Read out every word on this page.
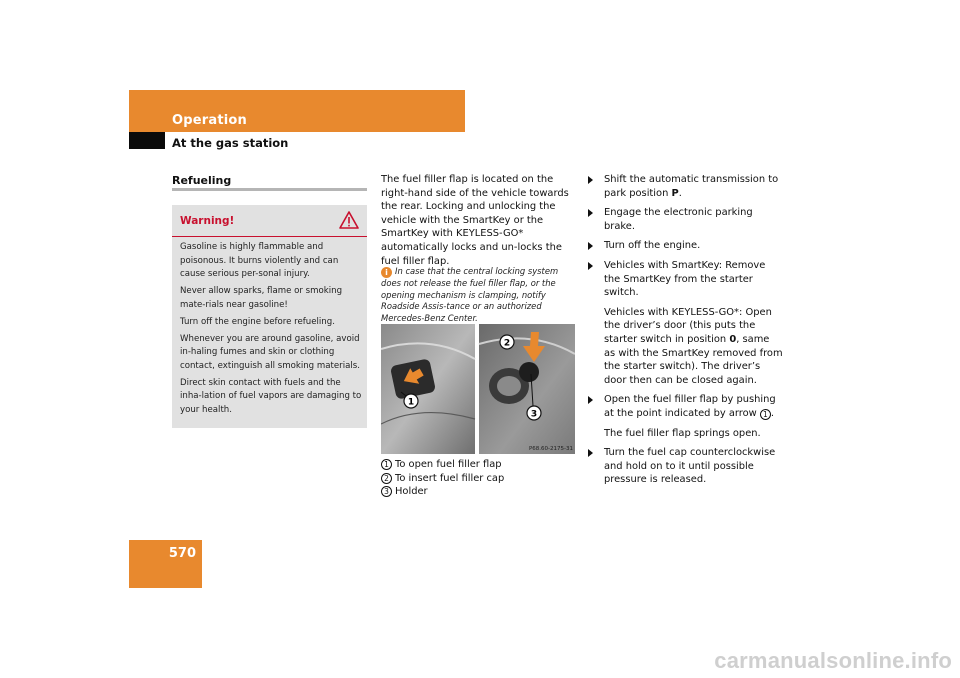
Operation
At the gas station
570
Refueling
Warning!

Gasoline is highly flammable and poisonous. It burns violently and can cause serious per-sonal injury.

Never allow sparks, flame or smoking mate-rials near gasoline!

Turn off the engine before refueling.

Whenever you are around gasoline, avoid in-haling fumes and skin or clothing contact, extinguish all smoking materials.

Direct skin contact with fuels and the inha-lation of fuel vapors are damaging to your health.

The fuel filler flap is located on the right-hand side of the vehicle towards the rear. Locking and unlocking the vehicle with the SmartKey or the SmartKey with KEYLESS-GO* automatically locks and un-locks the fuel filler flap.
i In case that the central locking system does not release the fuel filler flap, or the opening mechanism is clamping, notify Roadside Assis-tance or an authorized Mercedes-Benz Center.
1
2
3
P68.60-2175-31
1 To open fuel filler flap
2 To insert fuel filler cap
3 Holder
Shift the automatic transmission to park position P.
Engage the electronic parking brake.
Turn off the engine.
Vehicles with SmartKey: Remove the SmartKey from the starter switch.
Vehicles with KEYLESS-GO*: Open the driver’s door (this puts the starter switch in position 0, same as with the SmartKey removed from the starter switch). The driver’s door then can be closed again.
Open the fuel filler flap by pushing at the point indicated by arrow 1 .
The fuel filler flap springs open.
Turn the fuel cap counterclockwise and hold on to it until possible pressure is released.
carmanualsonline.info
